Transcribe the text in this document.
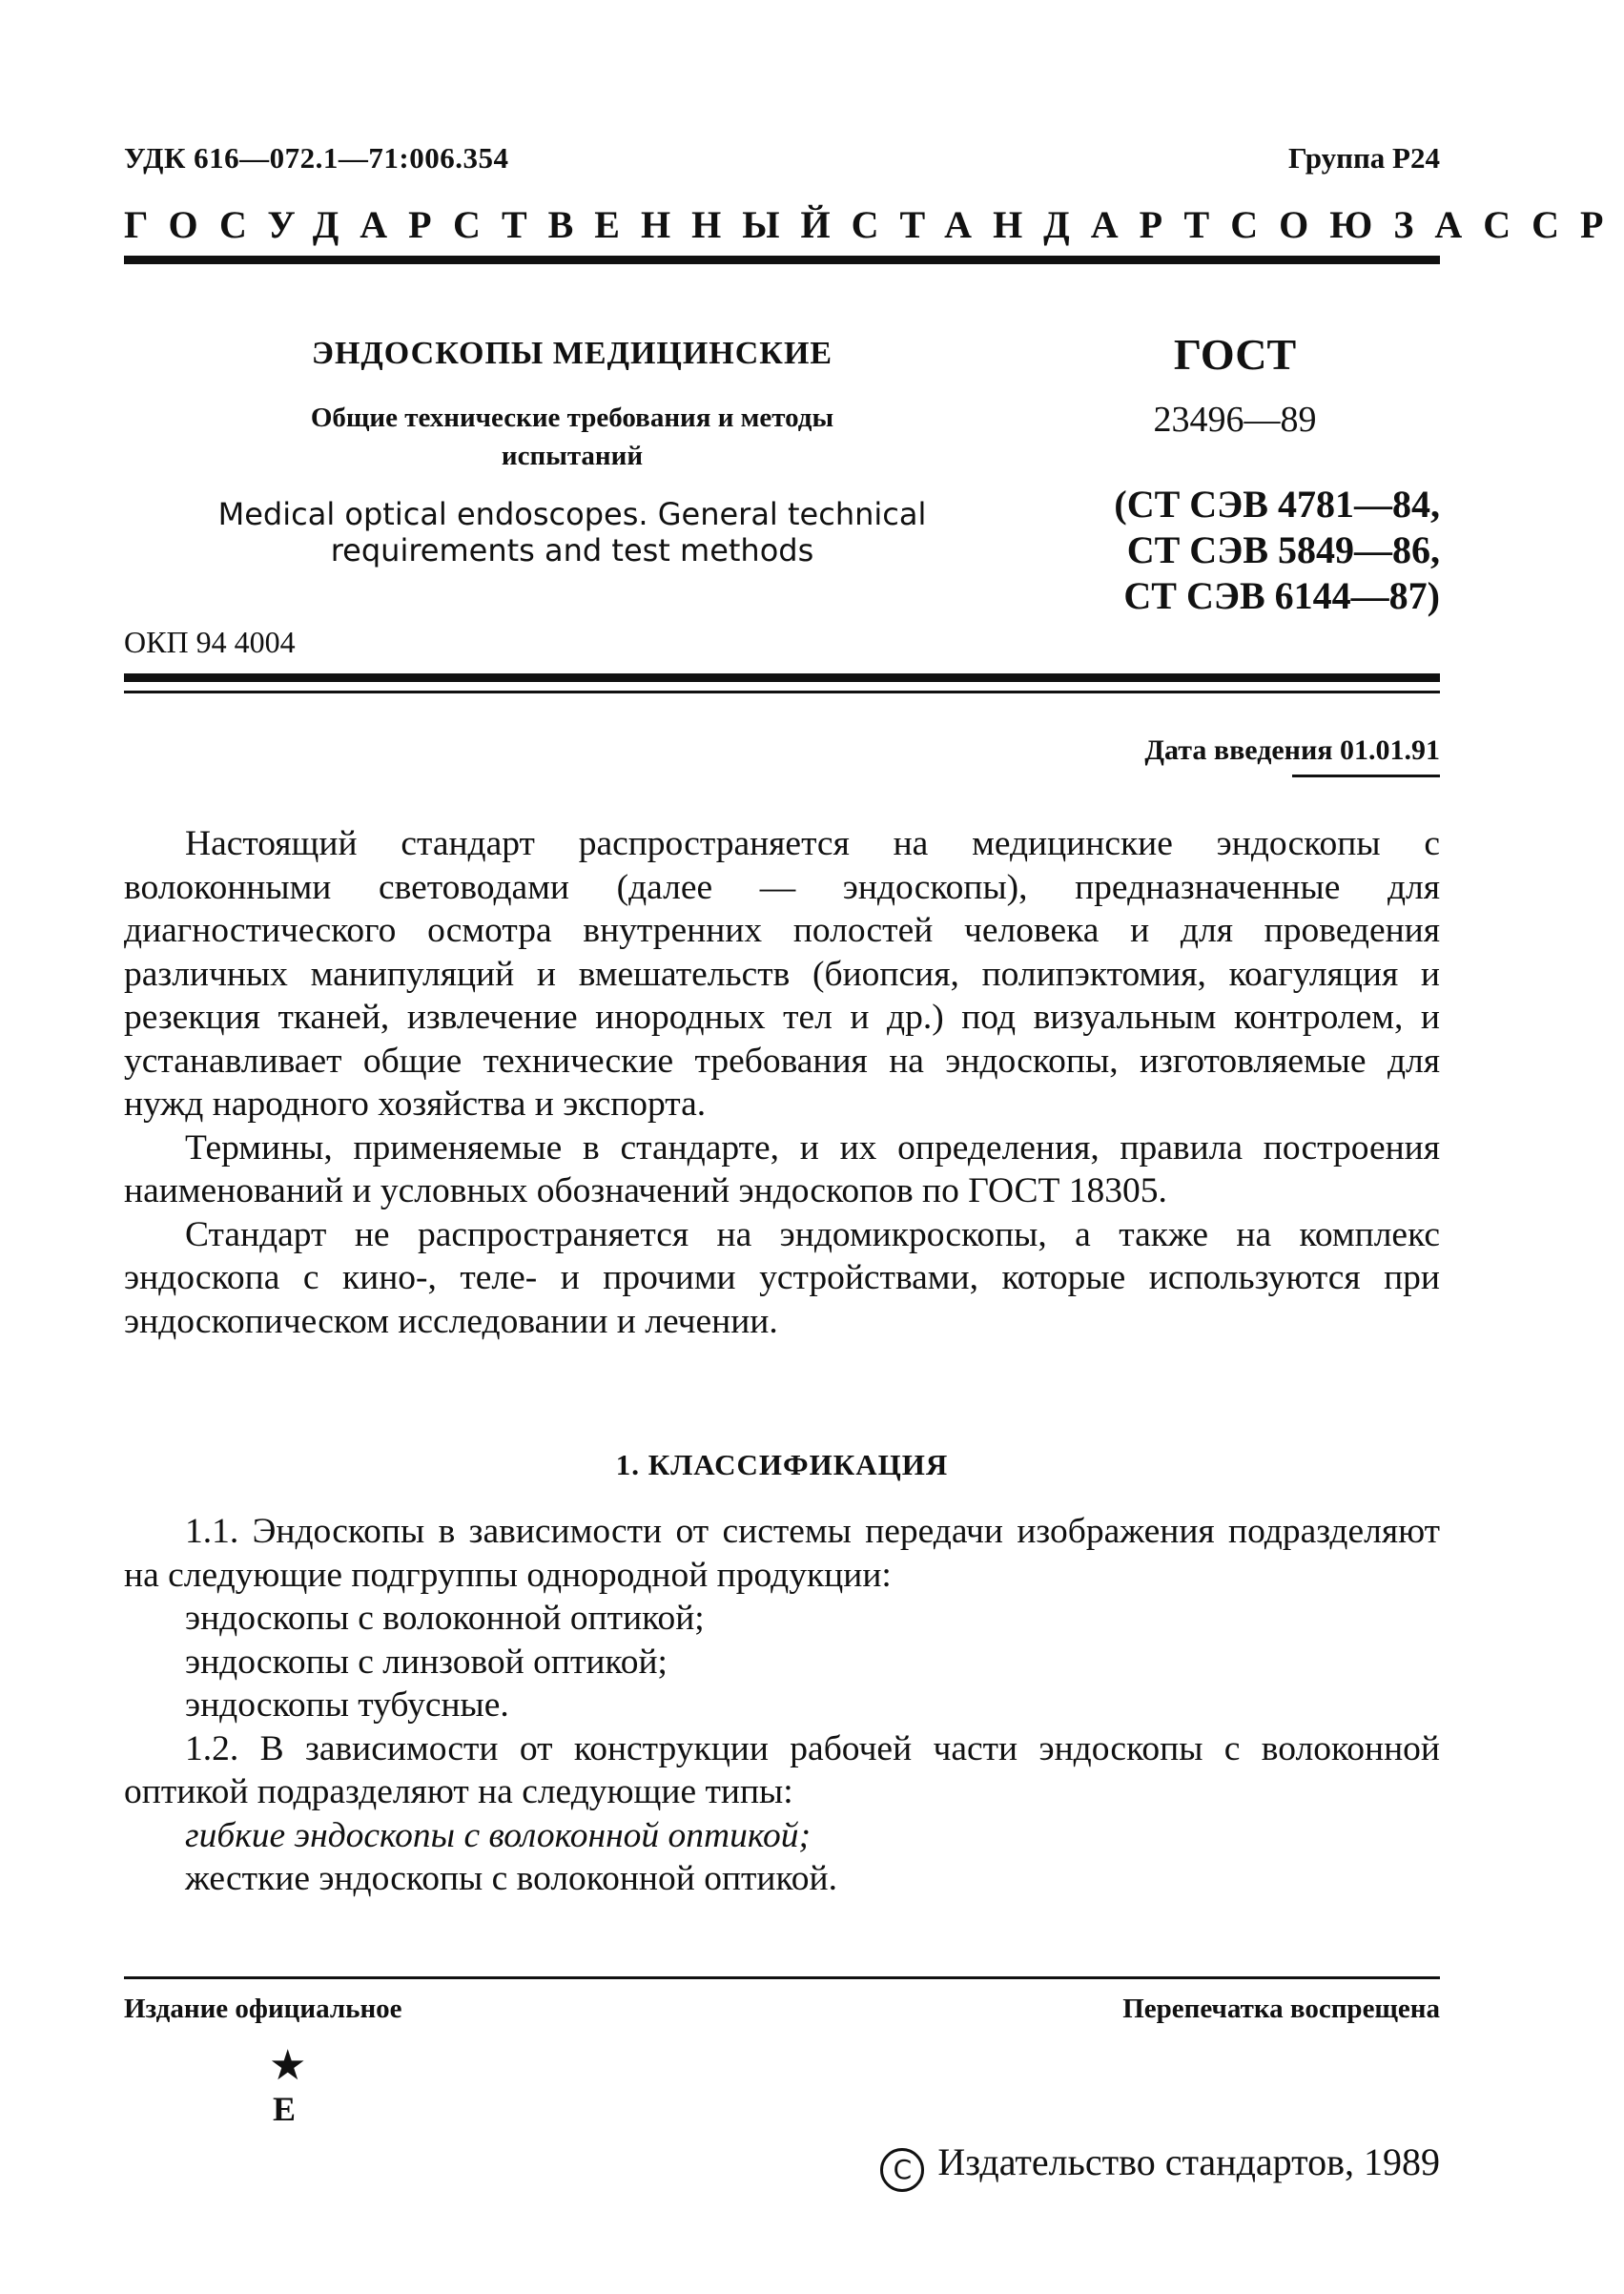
УДК 616—072.1—71:006.354	Группа Р24
ГОСУДАРСТВЕННЫЙ СТАНДАРТ СОЮЗА ССР
ЭНДОСКОПЫ МЕДИЦИНСКИЕ
Общие технические требования и методы
испытаний
Medical optical endoscopes. General technical
requirements and test methods
ГОСТ
23496—89
(СТ СЭВ 4781—84,
СТ СЭВ 5849—86,
СТ СЭВ 6144—87)
ОКП 94 4004
Дата введения 01.01.91

Настоящий стандарт распространяется на медицинские эндоскопы с волоконными световодами (далее — эндоскопы), предназначенные для диагностического осмотра внутренних полостей человека и для проведения различных манипуляций и вмешательств (биопсия, полипэктомия, коагуляция и резекция тканей, извлечение инородных тел и др.) под визуальным контролем, и устанавливает общие технические требования на эндоскопы, изготовляемые для нужд народного хозяйства и экспорта.

Термины, применяемые в стандарте, и их определения, правила построения наименований и условных обозначений эндоскопов по ГОСТ 18305.

Стандарт не распространяется на эндомикроскопы, а также на комплекс эндоскопа с кино-, теле- и прочими устройствами, которые используются при эндоскопическом исследовании и лечении.

1. КЛАССИФИКАЦИЯ

1.1. Эндоскопы в зависимости от системы передачи изображения подразделяют на следующие подгруппы однородной продукции:

эндоскопы с волоконной оптикой;

эндоскопы с линзовой оптикой;

эндоскопы тубусные.

1.2. В зависимости от конструкции рабочей части эндоскопы с волоконной оптикой подразделяют на следующие типы:

гибкие эндоскопы с волоконной оптикой;

жесткие эндоскопы с волоконной оптикой.

Издание официальное	Перепечатка воспрещена
★
Е
C Издательство стандартов, 1989
